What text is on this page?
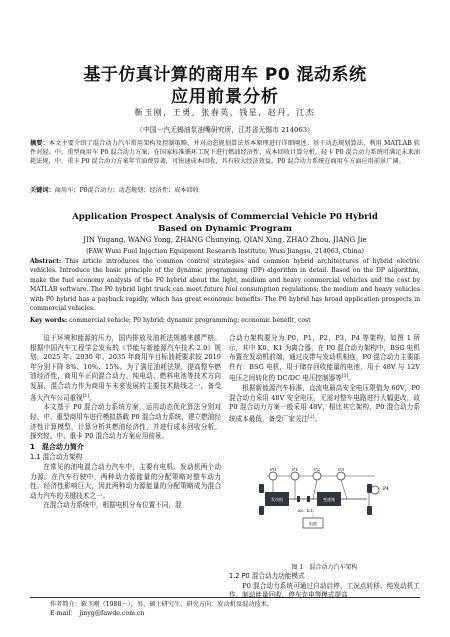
基于仿真计算的商用车 P0 混动系统
应用前景分析
靳玉刚，王勇，张春英，钱星，赵丹，江杰
（中国一汽无锡油泵油嘴研究所，江苏省无锡市 214063）
摘要：本文主要介绍了混合动力汽车常用架构及控制策略，并对动态规划算法基本原理进行详细阐述。基于动态规划算法，利用 MATLAB 软件对轻、中、重型商用车 P0 混合动力方案，在国家标准循环工况下进行燃油经济性、成本回收计算分析。轻卡 P0 混合动力系统可满足未来油耗法规，中、重卡 P0 混合动力方案年节油费显著，可快速成本回收，具有较大经济效益。P0 混合动力系统在商用车方面应用前景广阔。
关键词：商用车；P0混合动力；动态规划；经济性；成本回收
Application Prospect Analysis of Commercial Vehicle P0 Hybrid
Based on Dynamic Program
JIN Yugang, WANG Yong, ZHANG Chunying, QIAN Xing, ZHAO Zhou, JIANG Jie
(FAW Wuxi Fuel Injection Equipment Research Institute, Wuxi Jiangsu, 214063, China)
Abstract: This article introduces the common control strategies and common hybrid architectures of hybrid electric vehicles. Introduce the basic principle of the dynamic programming (DP) algorithm in detail. Based on the DP algorithm, make the fuel economy analysis of the P0 hybrid about the light, medium and heavy commercial vehicles and the cost by MATLAB software. The P0 hybrid light truck can meet future fuel consumption regulations; the medium and heavy vehicles with P0 hybrid has a payback rapidly, which has great economic benefits. The P0 hybrid has broad application prospects in commercial vehicles.
Key words: commercial vehicle; P0 hybrid; dynamic programming; economic benefit, cost

迫于环境和能源的压力，国内排放及油耗法规越来越严格。根据中国汽车工程学会发布的《节能与新能源汽车技术 2.0》规划，2025 年、2030 年、2035 年商用车目标油耗要求较 2019 年分别下降 8%、10%、15%。为了满足油耗法规，提高整车燃油经济性，商用车正向混合动力、纯电动、燃料电池等技术方向发展，混合动力作为商用车未来发展的主要技术路线之一，备受各大汽车公司重视[1]。

本文基于 P0 混合动力系统方案，运用动态优化算法分别对轻、中、重型商用车进行模拟搭载 P0 混合动力系统，建立燃油经济性计算模型，计算分析其燃油经济性，并进行成本回收分析。探究轻、中、重卡 P0 混合动力方案应用前景。

1　混合动力简介
1.1 混合动力架构

在常见的油电混合动力汽车中，主要有电机、发动机两个动力源。在汽车行驶中，两种动力源能量的分配策略对整车动力性、经济性影响巨大，因此两种动力源能量的分配策略成为混合动力汽车的关键技术之一。

在混合动力系统中，根据电机分布位置不同，混

合动力架构要分为 P0，P1，P2，P3，P4 等架构，如图 1 所示，其中 K0、K1 为离合器，在 P0 混合动力架构中，BSG 电机布置在发动机前端，通过皮带与发动机相连，P0 混合动力主要部件有：BSG 电机，用于储存回收能量的电池，用于 48V 与 12V 电压之间转化的 DC/DC 电压控制器等[3]。

根据新能源汽车标准，直流电最高安全电压限值为 60V，P0 混合动力采用 48V 安全电压，无需对整车电路进行大幅更改，故 P0 混合动力方案一般采用 48V，相比其它架构，P0 混合动力系统成本最低，备受厂家关注[2]。

P0	P1	P2	P3
P4
发动机	变速箱
K0 K1
电池
图 1　混合动力汽车架构
1.2 P0 混合动力功能模式

P0 混合动力系统可通过自动启停、工况点转移、纯发动机工作、制动能量回收、停车充电等模式提高

作者简介：靳玉刚（1988－），男，硕士研究生，研究方向：发动机及混动技术。
E-mail：　jinyg@fawde.com.cn
